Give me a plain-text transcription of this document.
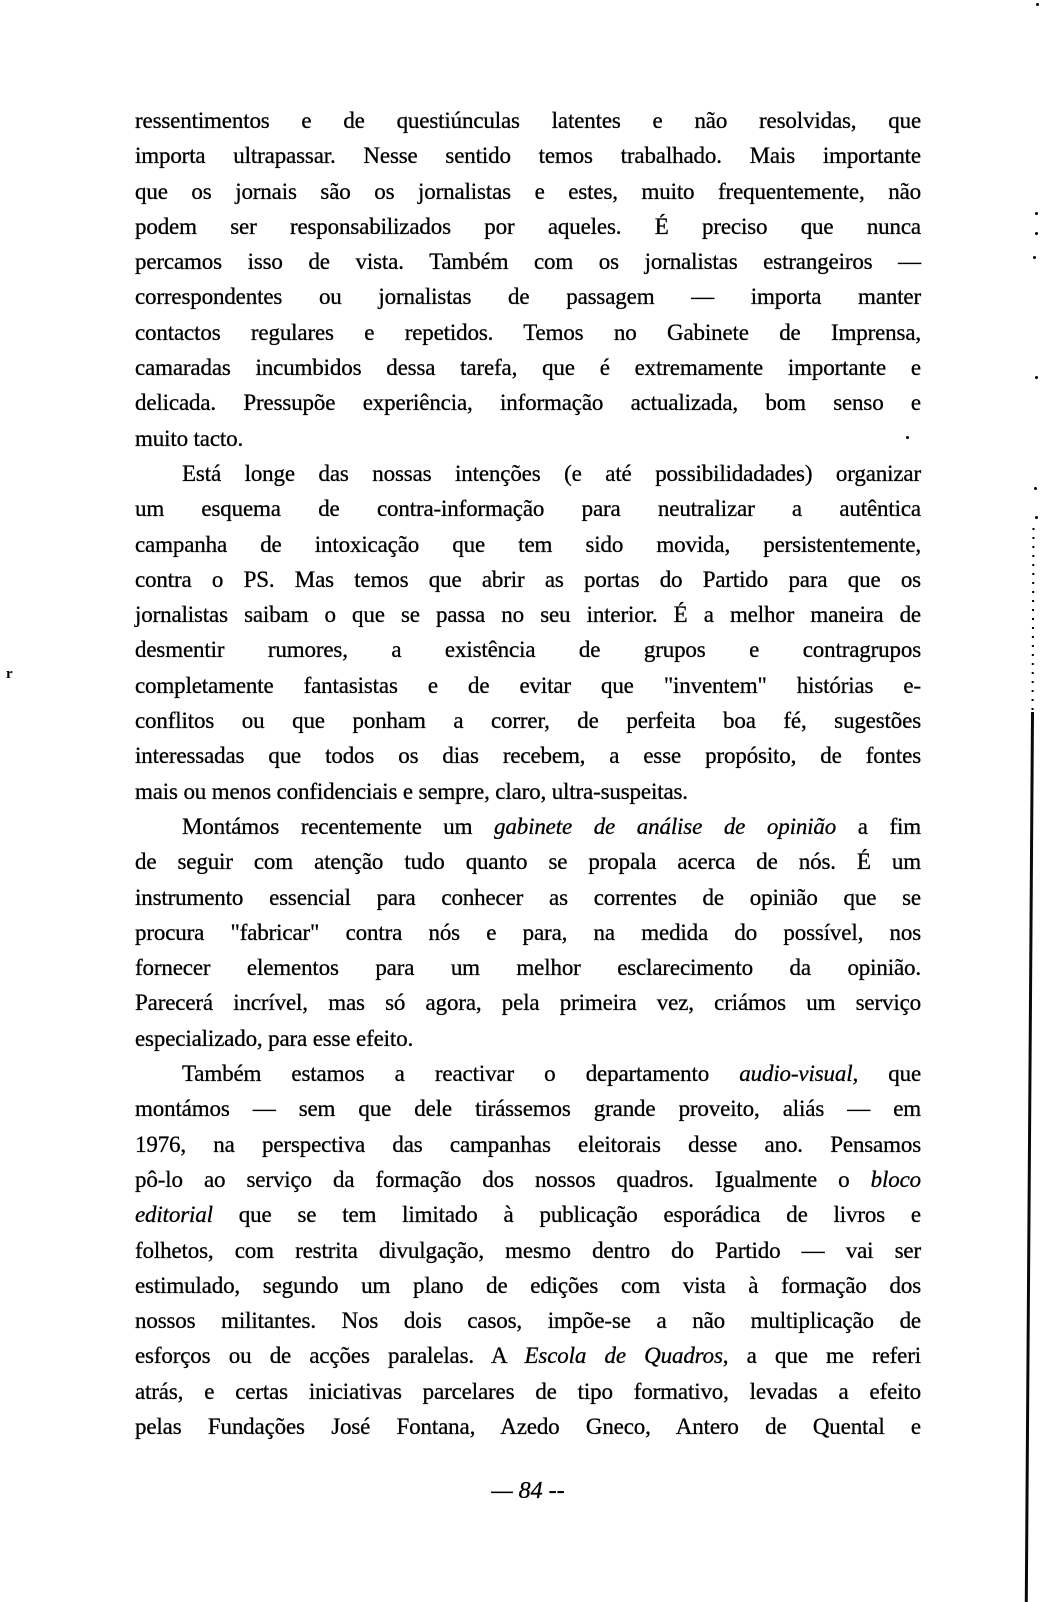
r
ressentimentos e de questiúnculas latentes e não resolvidas, que
importa ultrapassar. Nesse sentido temos trabalhado. Mais importante
que os jornais são os jornalistas e estes, muito frequentemente, não
podem ser responsabilizados por aqueles. É preciso que nunca
percamos isso de vista. Também com os jornalistas estrangeiros —
correspondentes ou jornalistas de passagem — importa manter
contactos regulares e repetidos. Temos no Gabinete de Imprensa,
camaradas incumbidos dessa tarefa, que é extremamente importante e
delicada. Pressupõe experiência, informação actualizada, bom senso e
muito tacto.
Está longe das nossas intenções (e até possibilidadades) organizar
um esquema de contra-informação para neutralizar a autêntica
campanha de intoxicação que tem sido movida, persistentemente,
contra o PS. Mas temos que abrir as portas do Partido para que os
jornalistas saibam o que se passa no seu interior. É a melhor maneira de
desmentir rumores, a existência de grupos e contragrupos
completamente fantasistas e de evitar que "inventem" histórias e-
conflitos ou que ponham a correr, de perfeita boa fé, sugestões
interessadas que todos os dias recebem, a esse propósito, de fontes
mais ou menos confidenciais e sempre, claro, ultra-suspeitas.
Montámos recentemente um gabinete de análise de opinião a fim
de seguir com atenção tudo quanto se propala acerca de nós. É um
instrumento essencial para conhecer as correntes de opinião que se
procura "fabricar" contra nós e para, na medida do possível, nos
fornecer elementos para um melhor esclarecimento da opinião.
Parecerá incrível, mas só agora, pela primeira vez, criámos um serviço
especializado, para esse efeito.
Também estamos a reactivar o departamento audio-visual, que
montámos — sem que dele tirássemos grande proveito, aliás — em
1976, na perspectiva das campanhas eleitorais desse ano. Pensamos
pô-lo ao serviço da formação dos nossos quadros. Igualmente o bloco
editorial que se tem limitado à publicação esporádica de livros e
folhetos, com restrita divulgação, mesmo dentro do Partido — vai ser
estimulado, segundo um plano de edições com vista à formação dos
nossos militantes. Nos dois casos, impõe-se a não multiplicação de
esforços ou de acções paralelas. A Escola de Quadros, a que me referi
atrás, e certas iniciativas parcelares de tipo formativo, levadas a efeito
pelas Fundações José Fontana, Azedo Gneco, Antero de Quental e
— 84 --
